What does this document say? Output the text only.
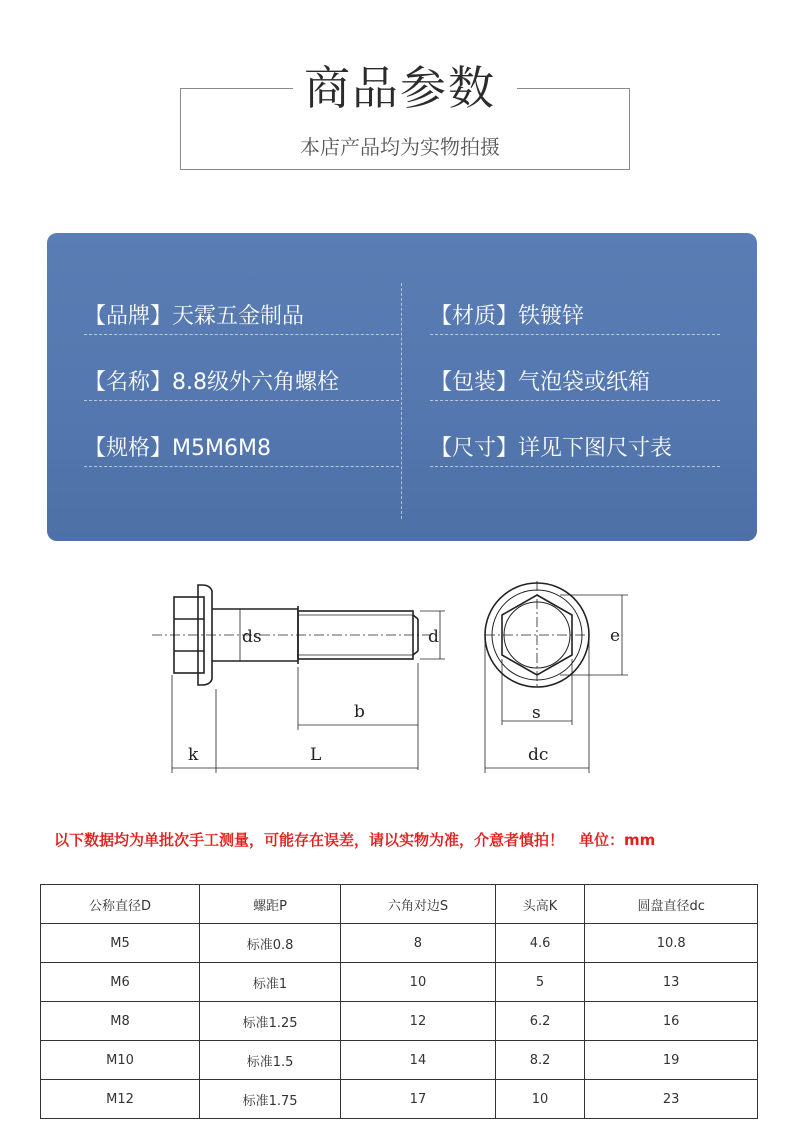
商品参数
本店产品均为实物拍摄
【品牌】天霖五金制品
【名称】8.8级外六角螺栓
【规格】M5M6M8
【材质】铁镀锌
【包装】气泡袋或纸箱
【尺寸】详见下图尺寸表
ds	d
b
k	L
s
e
dc
以下数据均为单批次手工测量，可能存在误差，请以实物为准，介意者慎拍！　单位：mm
公称直径D	螺距P	六角对边S	头高K	圆盘直径dc
M5	标准0.8	8	4.6	10.8
M6	标准1	10	5	13
M8	标准1.25	12	6.2	16
M10	标准1.5	14	8.2	19
M12	标准1.75	17	10	23
